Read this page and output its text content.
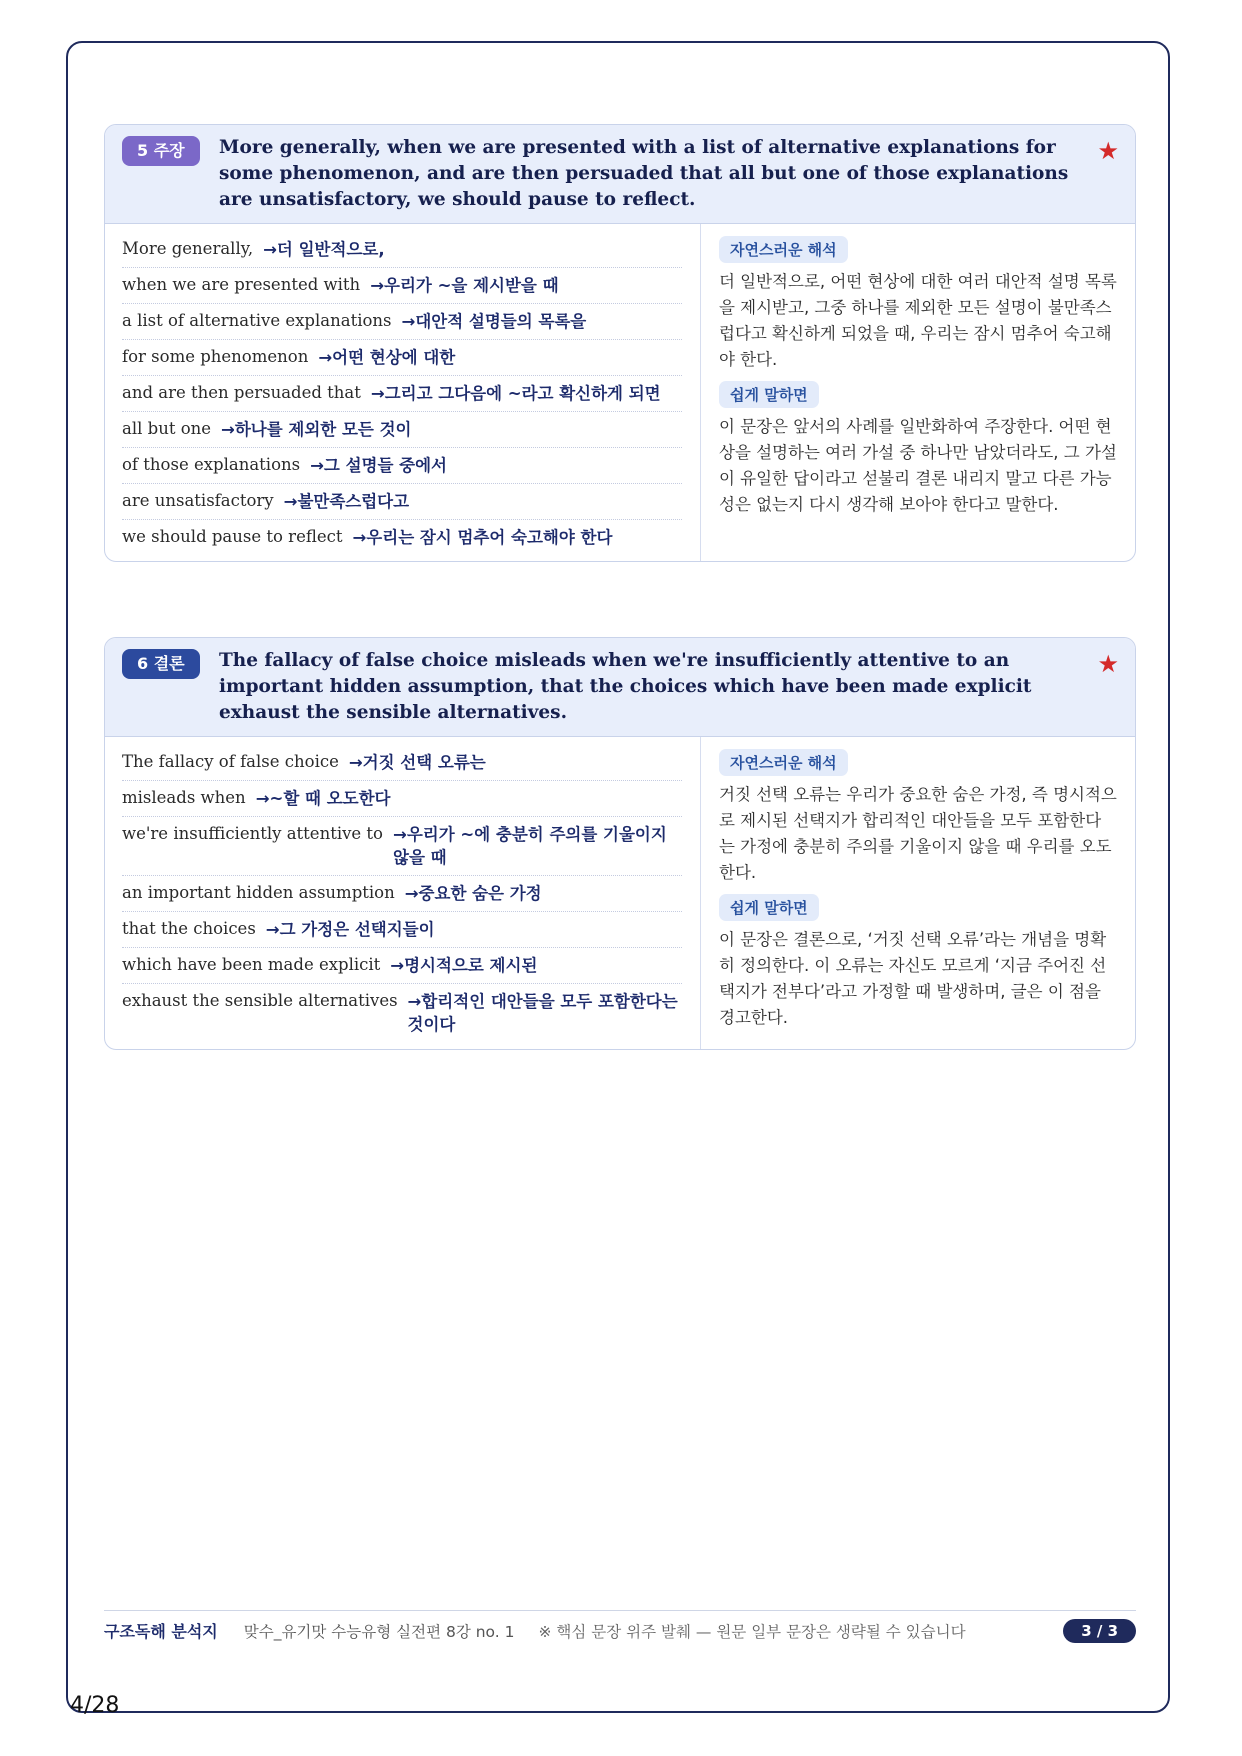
5 주장	More generally, when we are presented with a list of alternative explanations for some phenomenon, and are then persuaded that all but one of those explanations are unsatisfactory, we should pause to reflect.
★
More generally, →더 일반적으로,
when we are presented with →우리가 ~을 제시받을 때
a list of alternative explanations →대안적 설명들의 목록을
for some phenomenon →어떤 현상에 대한
and are then persuaded that →그리고 그다음에 ~라고 확신하게 되면
all but one →하나를 제외한 모든 것이
of those explanations →그 설명들 중에서
are unsatisfactory →불만족스럽다고
we should pause to reflect →우리는 잠시 멈추어 숙고해야 한다
자연스러운 해석

더 일반적으로, 어떤 현상에 대한 여러 대안적 설명 목록을 제시받고, 그중 하나를 제외한 모든 설명이 불만족스럽다고 확신하게 되었을 때, 우리는 잠시 멈추어 숙고해야 한다.

쉽게 말하면

이 문장은 앞서의 사례를 일반화하여 주장한다. 어떤 현상을 설명하는 여러 가설 중 하나만 남았더라도, 그 가설이 유일한 답이라고 섣불리 결론 내리지 말고 다른 가능성은 없는지 다시 생각해 보아야 한다고 말한다.

6 결론	The fallacy of false choice misleads when we're insufficiently attentive to an important hidden assumption, that the choices which have been made explicit exhaust the sensible alternatives.
★
The fallacy of false choice →거짓 선택 오류는
misleads when →~할 때 오도한다
we're insufficiently attentive to →우리가 ~에 충분히 주의를 기울이지 않을 때
an important hidden assumption →중요한 숨은 가정
that the choices →그 가정은 선택지들이
which have been made explicit →명시적으로 제시된
exhaust the sensible alternatives →합리적인 대안들을 모두 포함한다는 것이다
자연스러운 해석

거짓 선택 오류는 우리가 중요한 숨은 가정, 즉 명시적으로 제시된 선택지가 합리적인 대안들을 모두 포함한다는 가정에 충분히 주의를 기울이지 않을 때 우리를 오도한다.

쉽게 말하면

이 문장은 결론으로, ‘거짓 선택 오류’라는 개념을 명확히 정의한다. 이 오류는 자신도 모르게 ‘지금 주어진 선택지가 전부다’라고 가정할 때 발생하며, 글은 이 점을 경고한다.

구조독해 분석지 맞수_유기맛 수능유형 실전편 8강 no. 1 ※ 핵심 문장 위주 발췌 — 원문 일부 문장은 생략될 수 있습니다	3 / 3
4/28
